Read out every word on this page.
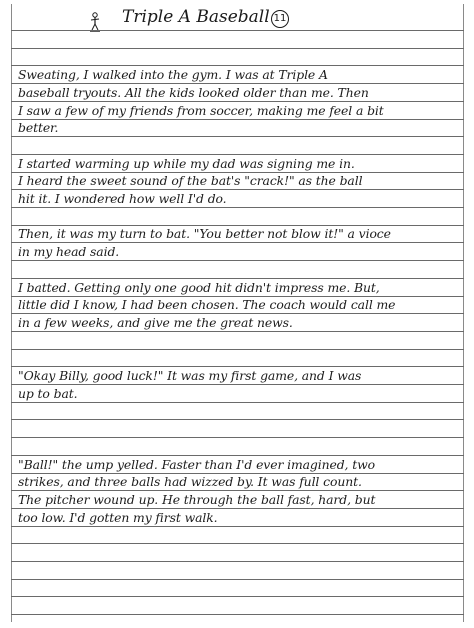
Triple A Baseball 11
Sweating, I walked into the gym. I was at Triple A
baseball tryouts. All the kids looked older than me. Then
I saw a few of my friends from soccer, making me feel a bit
better.
I started warming up while my dad was signing me in.
I heard the sweet sound of the bat's "crack!" as the ball
hit it. I wondered how well I'd do.
Then, it was my turn to bat. "You better not blow it!" a vioce
in my head said.
I batted. Getting only one good hit didn't impress me. But,
little did I know, I had been chosen. The coach would call me
in a few weeks, and give me the great news.
"Okay Billy, good luck!" It was my first game, and I was
up to bat.
"Ball!" the ump yelled. Faster than I'd ever imagined, two
strikes, and three balls had wizzed by. It was full count.
The pitcher wound up. He through the ball fast, hard, but
too low. I'd gotten my first walk.
